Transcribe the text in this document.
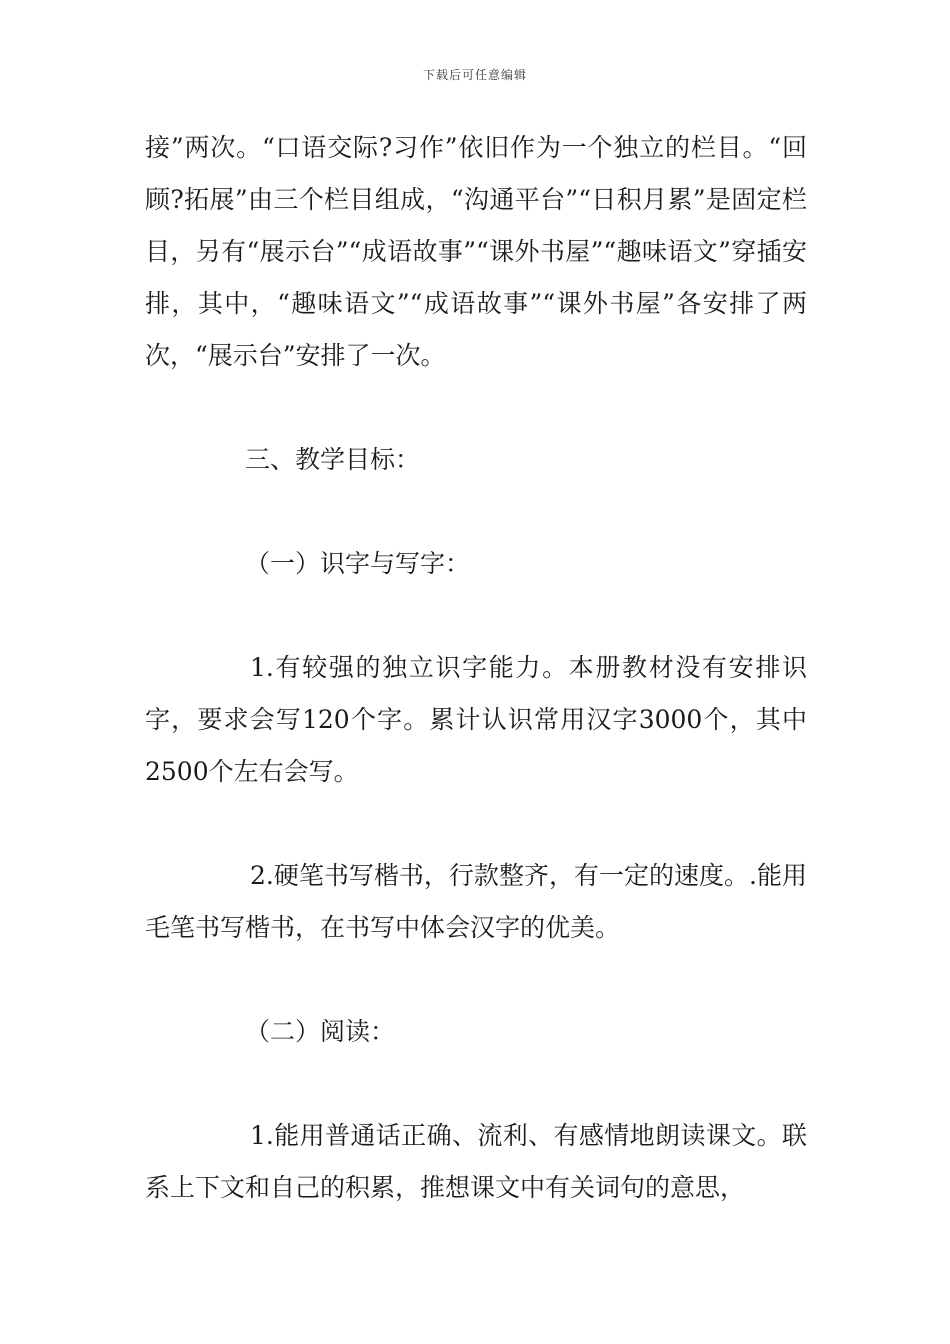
下载后可任意编辑

接”两次。“口语交际?习作”依旧作为一个独立的栏目。“回顾?拓展”由三个栏目组成，“沟通平台”“日积月累”是固定栏目，另有“展示台”“成语故事”“课外书屋”“趣味语文”穿插安排，其中，“趣味语文”“成语故事”“课外书屋”各安排了两次，“展示台”安排了一次。

三、教学目标：

（一）识字与写字：

1.有较强的独立识字能力。本册教材没有安排识字，要求会写120个字。累计认识常用汉字3000个，其中2500个左右会写。

2.硬笔书写楷书，行款整齐，有一定的速度。.能用毛笔书写楷书，在书写中体会汉字的优美。

（二）阅读：

1.能用普通话正确、流利、有感情地朗读课文。联系上下文和自己的积累，推想课文中有关词句的意思，
